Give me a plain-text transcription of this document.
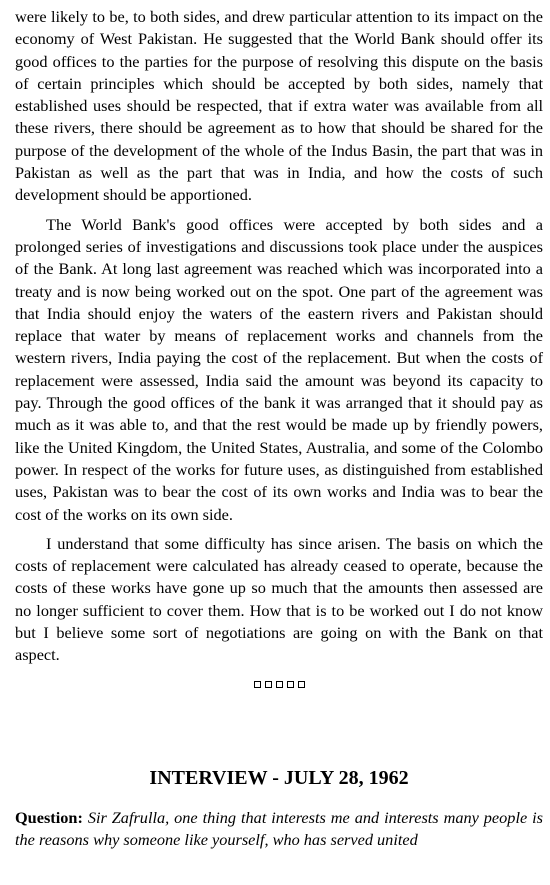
were likely to be, to both sides, and drew particular attention to its impact on the economy of West Pakistan. He suggested that the World Bank should offer its good offices to the parties for the purpose of resolving this dispute on the basis of certain principles which should be accepted by both sides, namely that established uses should be respected, that if extra water was available from all these rivers, there should be agreement as to how that should be shared for the purpose of the development of the whole of the Indus Basin, the part that was in Pakistan as well as the part that was in India, and how the costs of such development should be apportioned.

The World Bank's good offices were accepted by both sides and a prolonged series of investigations and discussions took place under the auspices of the Bank. At long last agreement was reached which was incorporated into a treaty and is now being worked out on the spot. One part of the agreement was that India should enjoy the waters of the eastern rivers and Pakistan should replace that water by means of replacement works and channels from the western rivers, India paying the cost of the replacement. But when the costs of replacement were assessed, India said the amount was beyond its capacity to pay. Through the good offices of the bank it was arranged that it should pay as much as it was able to, and that the rest would be made up by friendly powers, like the United Kingdom, the United States, Australia, and some of the Colombo power. In respect of the works for future uses, as distinguished from established uses, Pakistan was to bear the cost of its own works and India was to bear the cost of the works on its own side.

I understand that some difficulty has since arisen. The basis on which the costs of replacement were calculated has already ceased to operate, because the costs of these works have gone up so much that the amounts then assessed are no longer sufficient to cover them. How that is to be worked out I do not know but I believe some sort of negotiations are going on with the Bank on that aspect.

INTERVIEW - JULY 28, 1962

Question: Sir Zafrulla, one thing that interests me and interests many people is the reasons why someone like yourself, who has served united
